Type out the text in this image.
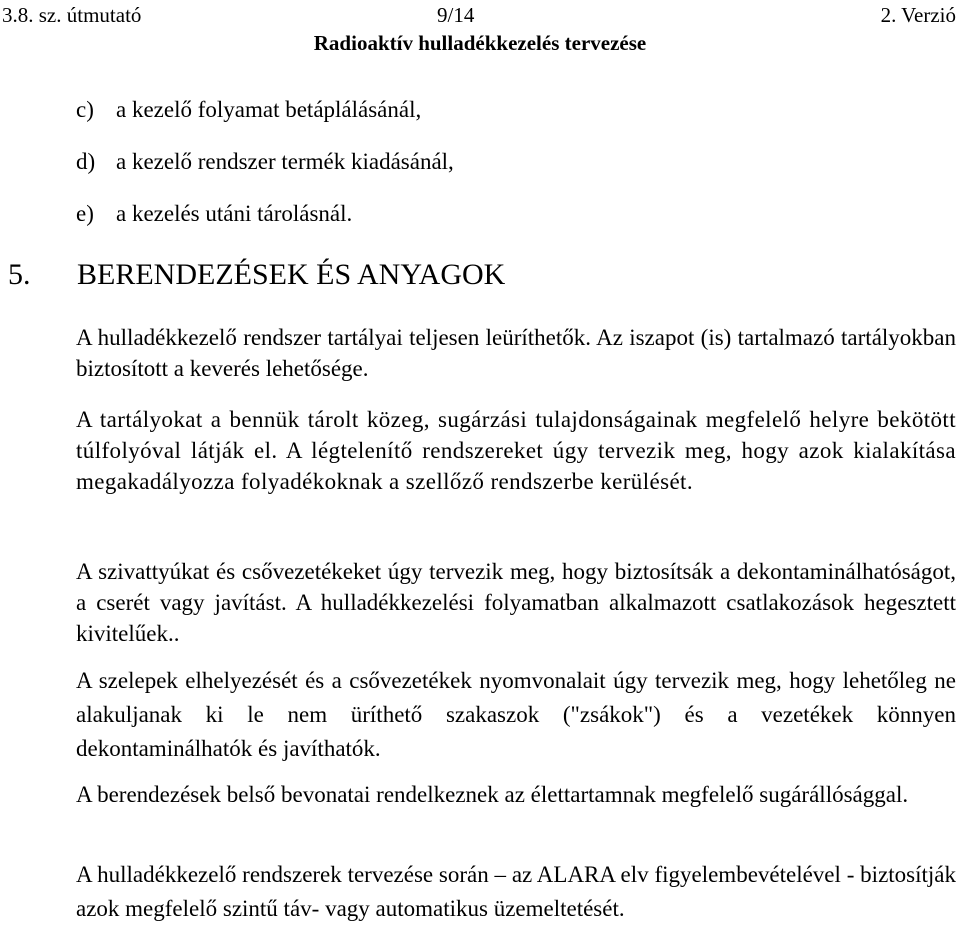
3.8. sz. útmutató	9/14	2. Verzió
Radioaktív hulladékkezelés tervezése
c) a kezelő folyamat betáplálásánál,
d) a kezelő rendszer termék kiadásánál,
e) a kezelés utáni tárolásnál.
5. BERENDEZÉSEK ÉS ANYAGOK

A hulladékkezelő rendszer tartályai teljesen leüríthetők. Az iszapot (is) tartalmazó tartályokban biztosított a keverés lehetősége.

A tartályokat a bennük tárolt közeg, sugárzási tulajdonságainak megfelelő helyre bekötött túlfolyóval látják el. A légtelenítő rendszereket úgy tervezik meg, hogy azok kialakítása megakadályozza folyadékoknak a szellőző rendszerbe kerülését.

A szivattyúkat és csővezetékeket úgy tervezik meg, hogy biztosítsák a dekontaminálhatóságot, a cserét vagy javítást. A hulladékkezelési folyamatban alkalmazott csatlakozások hegesztett kivitelűek..

A szelepek elhelyezését és a csővezetékek nyomvonalait úgy tervezik meg, hogy lehetőleg ne alakuljanak ki le nem üríthető szakaszok ("zsákok") és a vezetékek könnyen dekontaminálhatók és javíthatók.

A berendezések belső bevonatai rendelkeznek az élettartamnak megfelelő sugárállósággal.

A hulladékkezelő rendszerek tervezése során – az ALARA elv figyelembevételével - biztosítják azok megfelelő szintű táv- vagy automatikus üzemeltetését.
